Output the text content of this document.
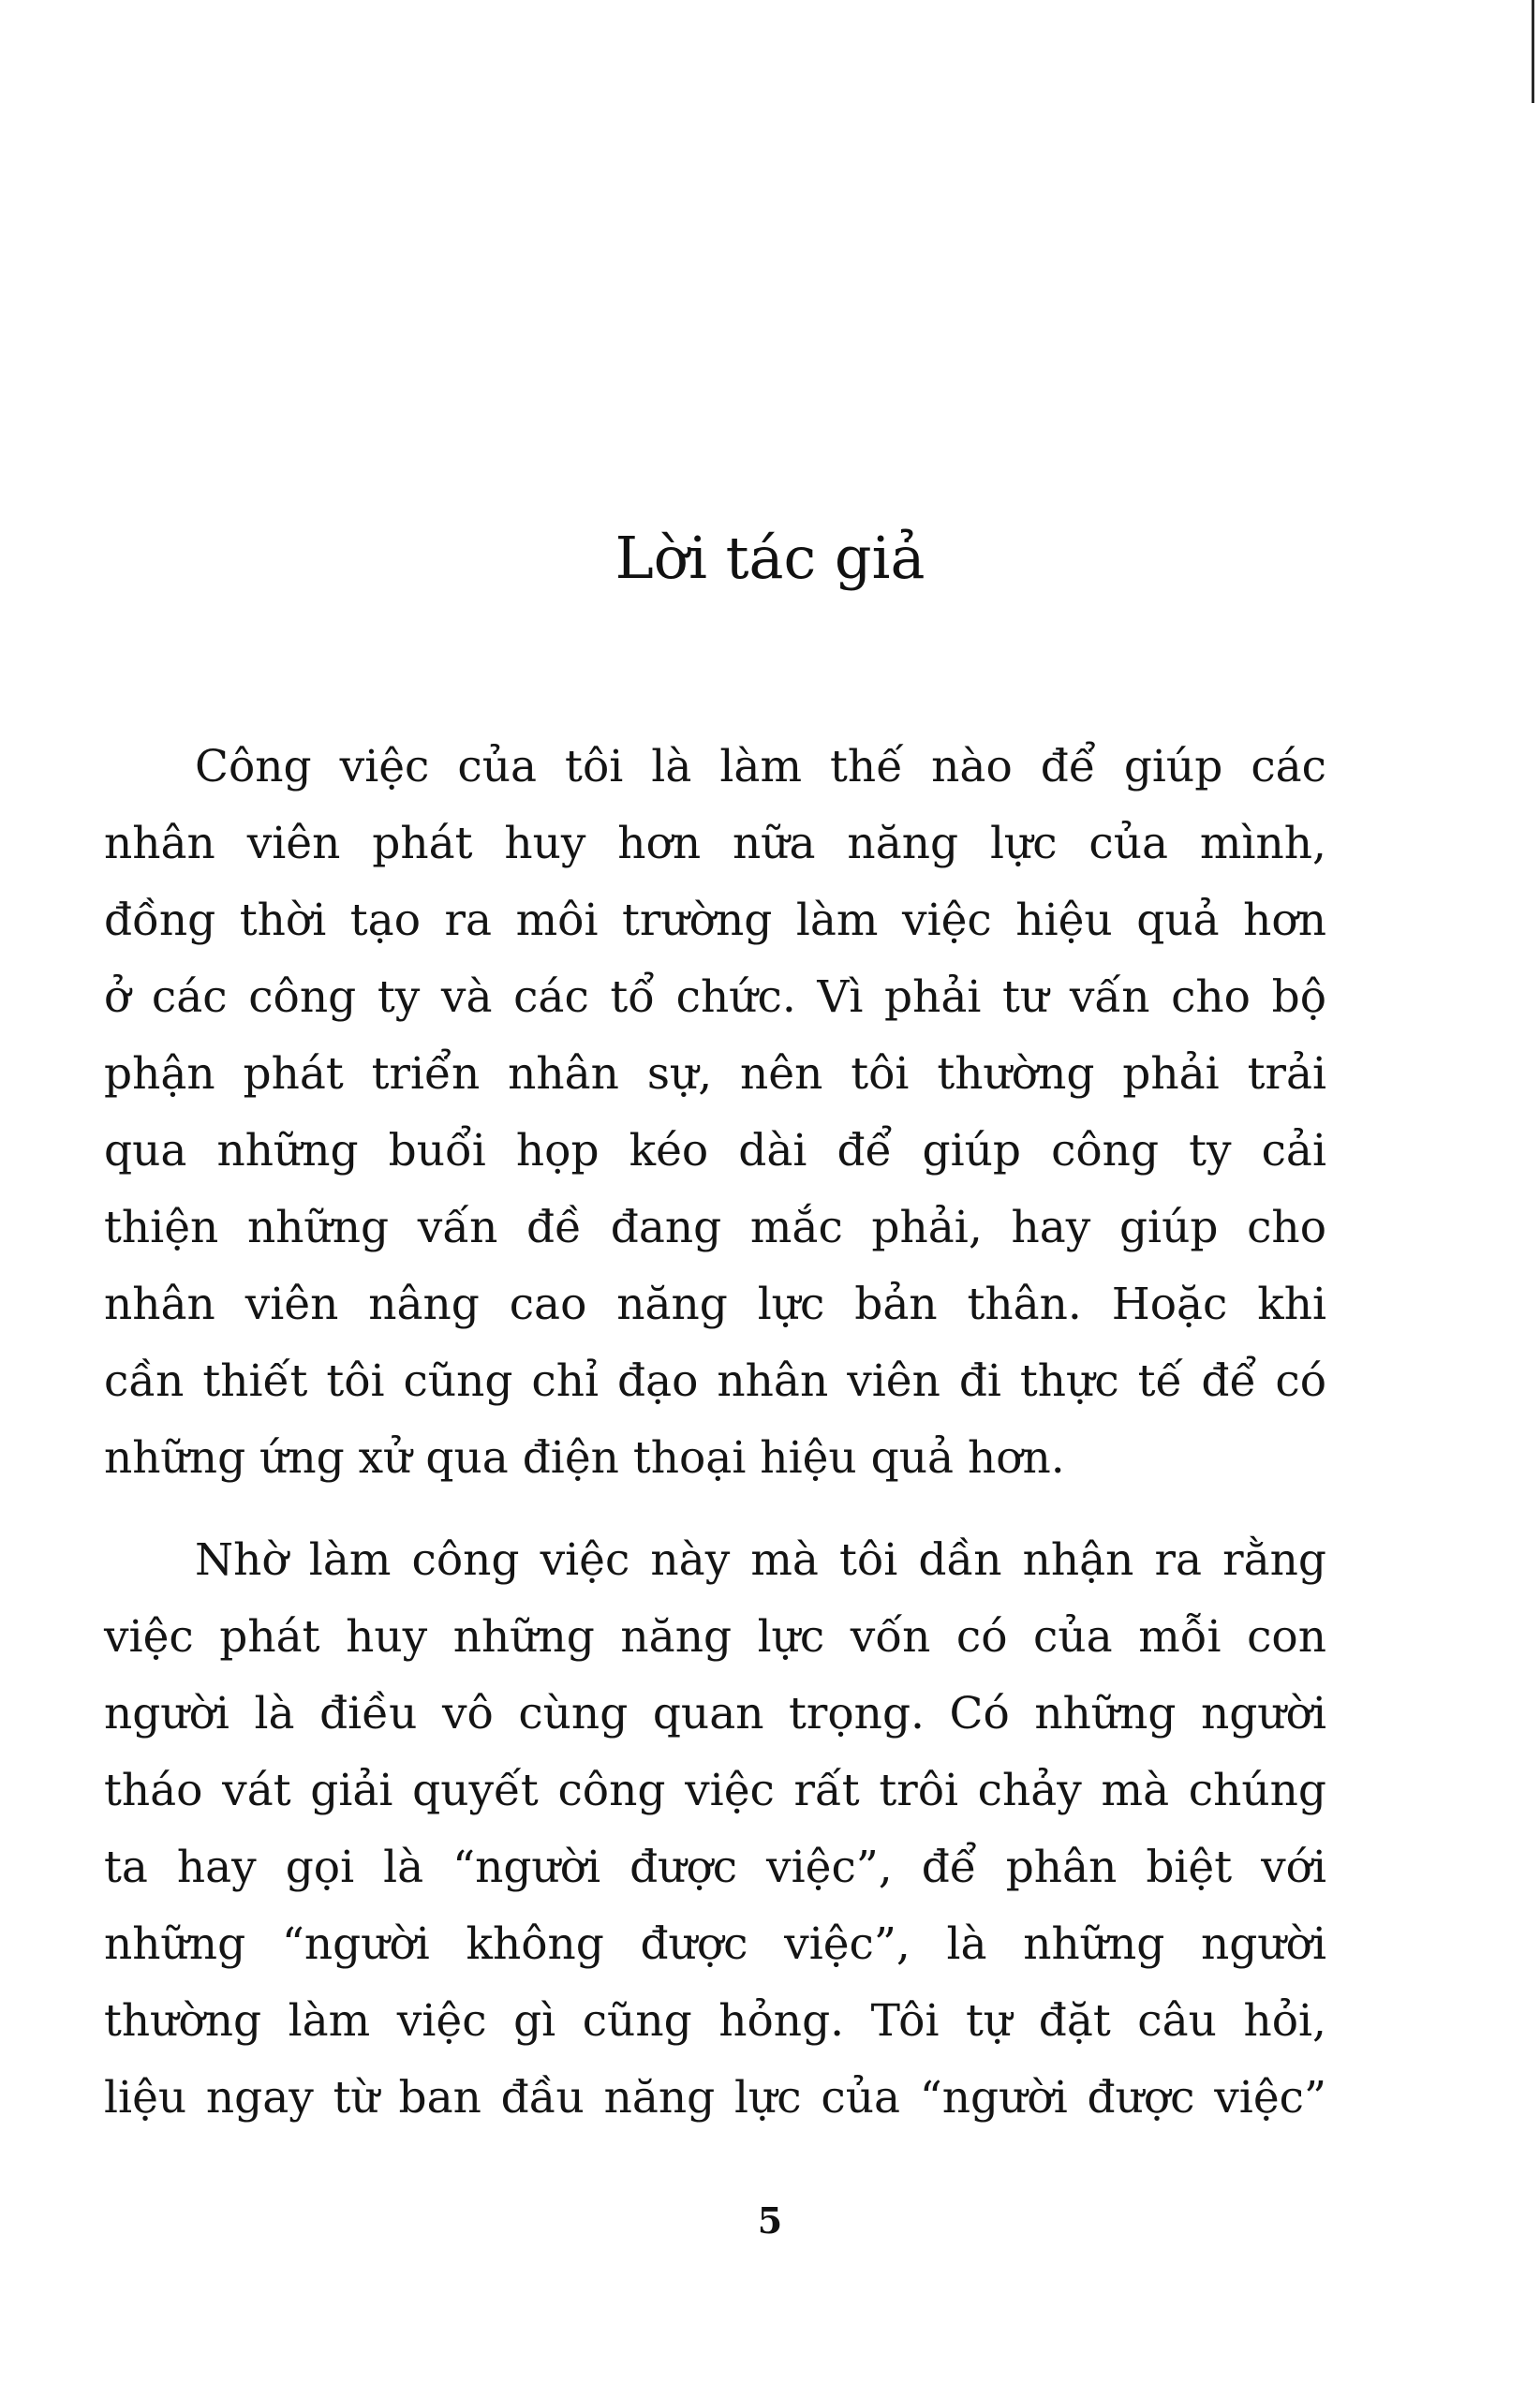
Lời tác giả
Công việc của tôi là làm thế nào để giúp các
nhân viên phát huy hơn nữa năng lực của mình,
đồng thời tạo ra môi trường làm việc hiệu quả hơn
ở các công ty và các tổ chức. Vì phải tư vấn cho bộ
phận phát triển nhân sự, nên tôi thường phải trải
qua những buổi họp kéo dài để giúp công ty cải
thiện những vấn đề đang mắc phải, hay giúp cho
nhân viên nâng cao năng lực bản thân. Hoặc khi
cần thiết tôi cũng chỉ đạo nhân viên đi thực tế để có
những ứng xử qua điện thoại hiệu quả hơn.
Nhờ làm công việc này mà tôi dần nhận ra rằng
việc phát huy những năng lực vốn có của mỗi con
người là điều vô cùng quan trọng. Có những người
tháo vát giải quyết công việc rất trôi chảy mà chúng
ta hay gọi là “người được việc”, để phân biệt với
những “người không được việc”, là những người
thường làm việc gì cũng hỏng. Tôi tự đặt câu hỏi,
liệu ngay từ ban đầu năng lực của “người được việc”
5
